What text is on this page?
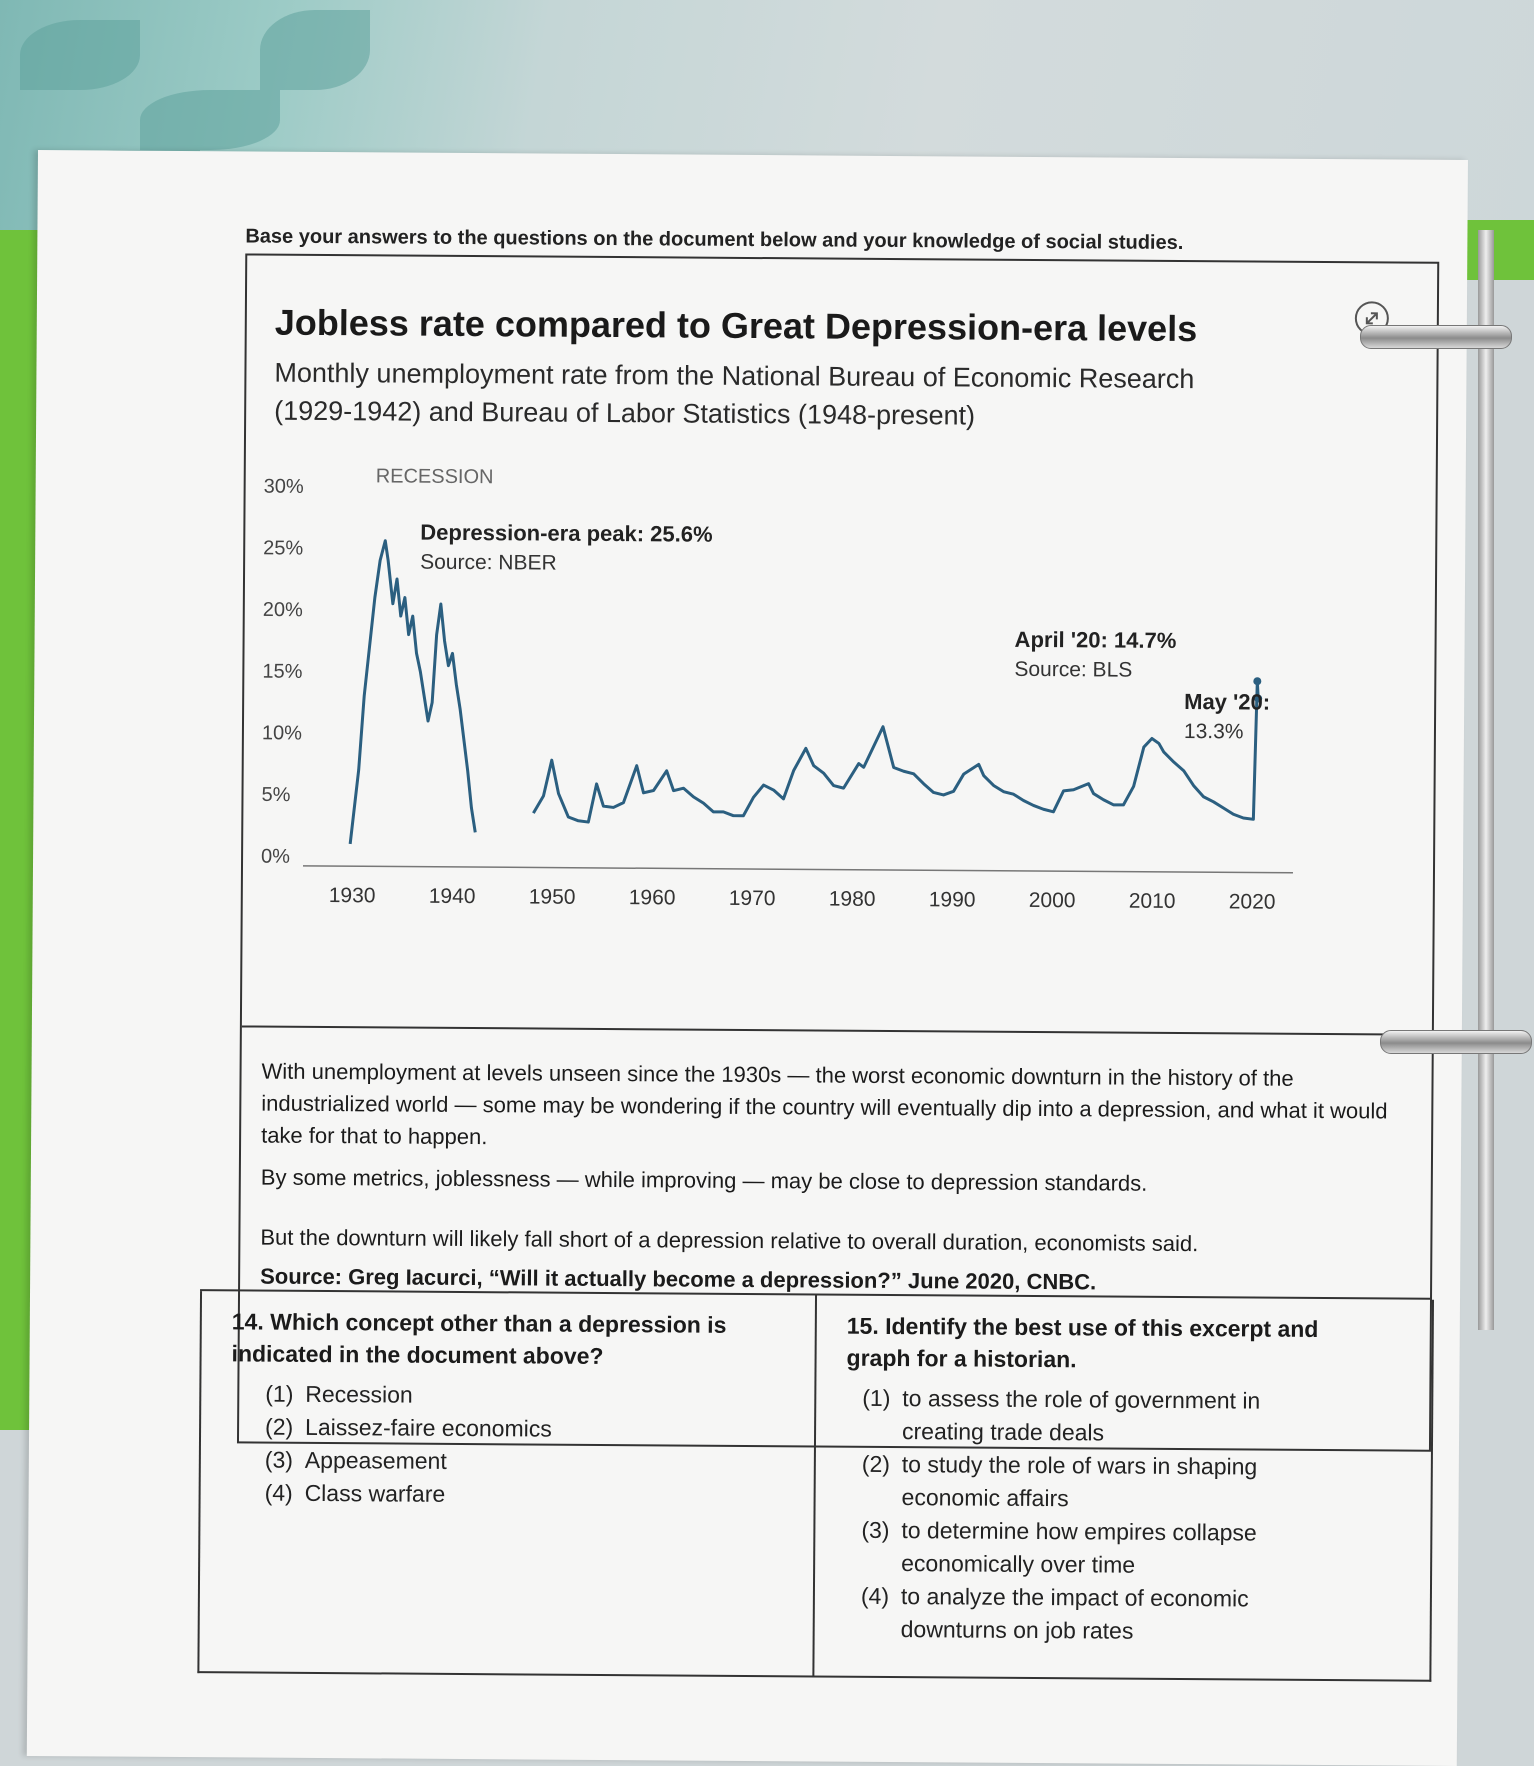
Base your answers to the questions on the document below and your knowledge of social studies.
Jobless rate compared to Great Depression-era levels
Monthly unemployment rate from the National Bureau of Economic Research (1929-1942) and Bureau of Labor Statistics (1948-present)
RECESSION
30%
25%
20%
15%
10%
5%
0%
1930	1940	1950	1960	1970	1980	1990	2000	2010	2020
Depression-era peak: 25.6%
Source: NBER
April '20: 14.7%
Source: BLS
May '20:
13.3%

With unemployment at levels unseen since the 1930s — the worst economic downturn in the history of the industrialized world — some may be wondering if the country will eventually dip into a depression, and what it would take for that to happen.

By some metrics, joblessness — while improving — may be close to depression standards.

But the downturn will likely fall short of a depression relative to overall duration, economists said.

Source: Greg Iacurci, “Will it actually become a depression?” June 2020, CNBC.
14. Which concept other than a depression is indicated in the document above?
(1) Recession
(2) Laissez-faire economics
(3) Appeasement
(4) Class warfare
15. Identify the best use of this excerpt and graph for a historian.
(1) to assess the role of government in creating trade deals
(2) to study the role of wars in shaping economic affairs
(3) to determine how empires collapse economically over time
(4) to analyze the impact of economic downturns on job rates
